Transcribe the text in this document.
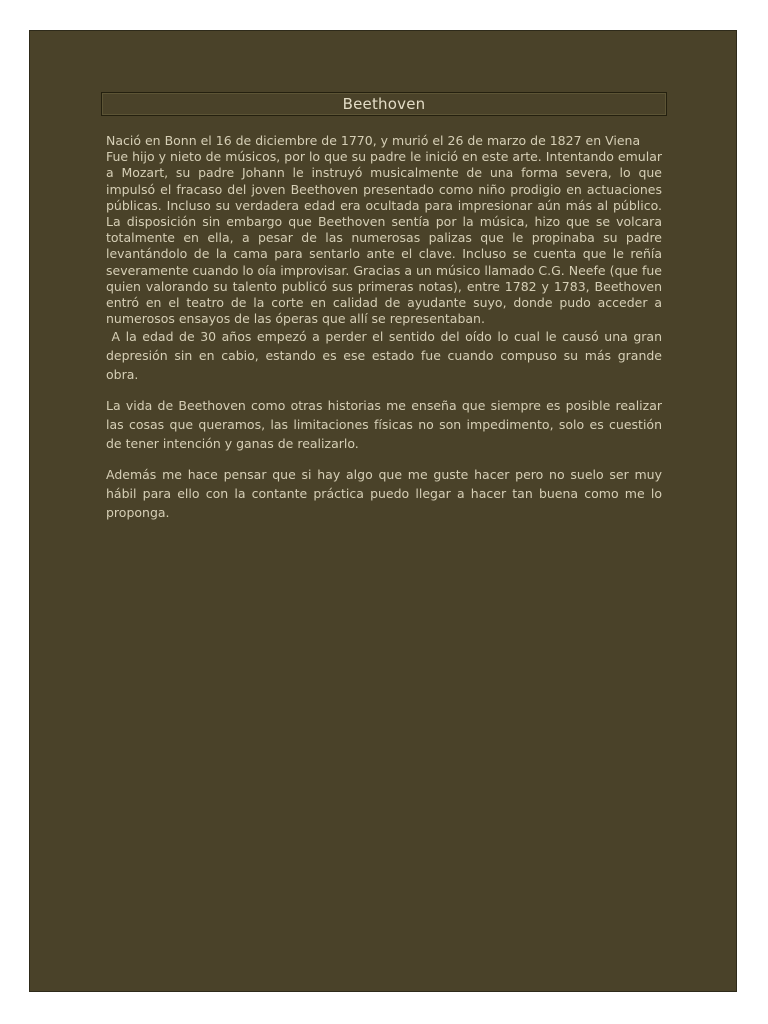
Beethoven

Nació en Bonn el 16 de diciembre de 1770, y murió el 26 de marzo de 1827 en Viena
Fue hijo y nieto de músicos, por lo que su padre le inició en este arte. Intentando emular a Mozart, su padre Johann le instruyó musicalmente de una forma severa, lo que impulsó el fracaso del joven Beethoven presentado como niño prodigio en actuaciones públicas. Incluso su verdadera edad era ocultada para impresionar aún más al público. La disposición sin embargo que Beethoven sentía por la música, hizo que se volcara totalmente en ella, a pesar de las numerosas palizas que le propinaba su padre levantándolo de la cama para sentarlo ante el clave. Incluso se cuenta que le reñía severamente cuando lo oía improvisar. Gracias a un músico llamado C.G. Neefe (que fue quien valorando su talento publicó sus primeras notas), entre 1782 y 1783, Beethoven entró en el teatro de la corte en calidad de ayudante suyo, donde pudo acceder a numerosos ensayos de las óperas que allí se representaban.

A la edad de 30 años empezó a perder el sentido del oído lo cual le causó una gran depresión sin en cabio, estando es ese estado fue cuando compuso su más grande obra.

La vida de Beethoven como otras historias me enseña que siempre es posible realizar las cosas que queramos, las limitaciones físicas no son impedimento, solo es cuestión de tener intención y ganas de realizarlo.

Además me hace pensar que si hay algo que me guste hacer pero no suelo ser muy hábil para ello con la contante práctica puedo llegar a hacer tan buena como me lo proponga.
